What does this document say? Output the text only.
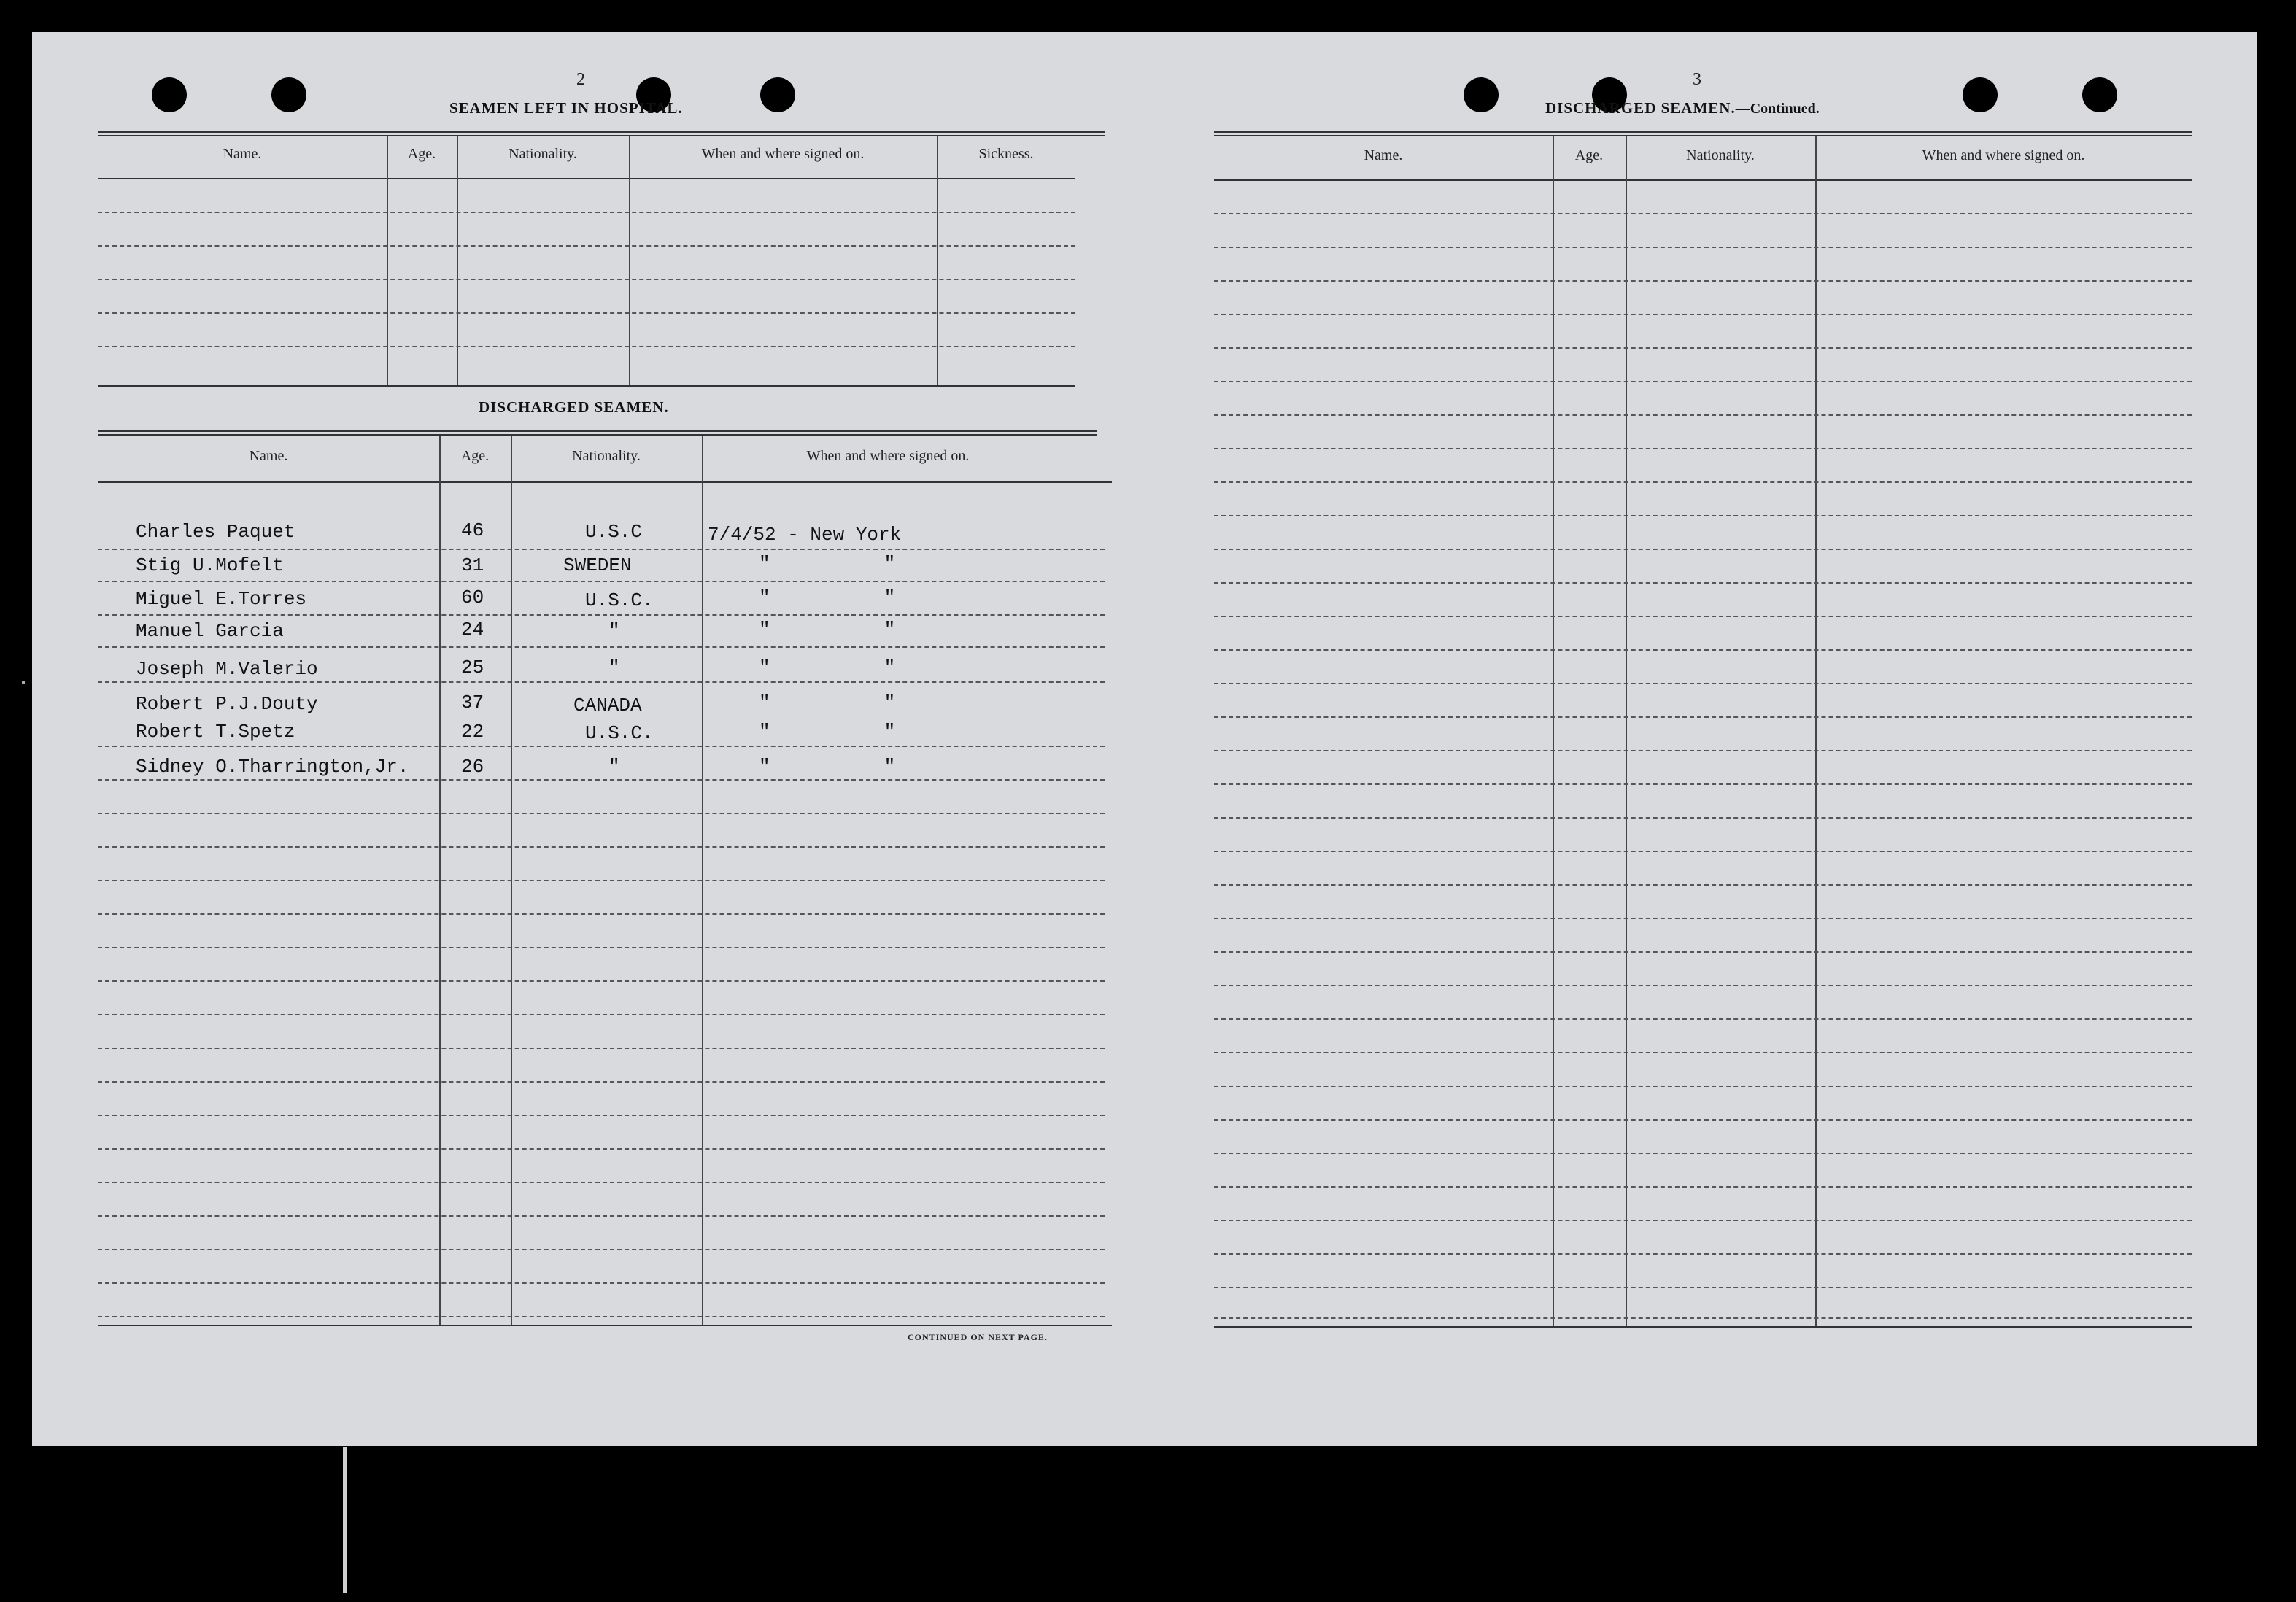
2
SEAMEN LEFT IN HOSPITAL.
Name.	Age.	Nationality.	When and where signed on.	Sickness.
DISCHARGED SEAMEN.
Name.	Age.	Nationality.	When and where signed on.
Charles Paquet	46	U.S.C	7/4/52 - New York
Stig U.Mofelt	31	SWEDEN	"          "
Miguel E.Torres	60	U.S.C.	"          "
Manuel Garcia	24	"	"          "
Joseph M.Valerio	25	"	"          "
Robert P.J.Douty	37	CANADA	"          "
Robert T.Spetz	22	U.S.C.	"          "
Sidney O.Tharrington,Jr.	26	"	"          "
CONTINUED ON NEXT PAGE.
3
DISCHARGED SEAMEN.—Continued.
Name.	Age.	Nationality.	When and where signed on.
